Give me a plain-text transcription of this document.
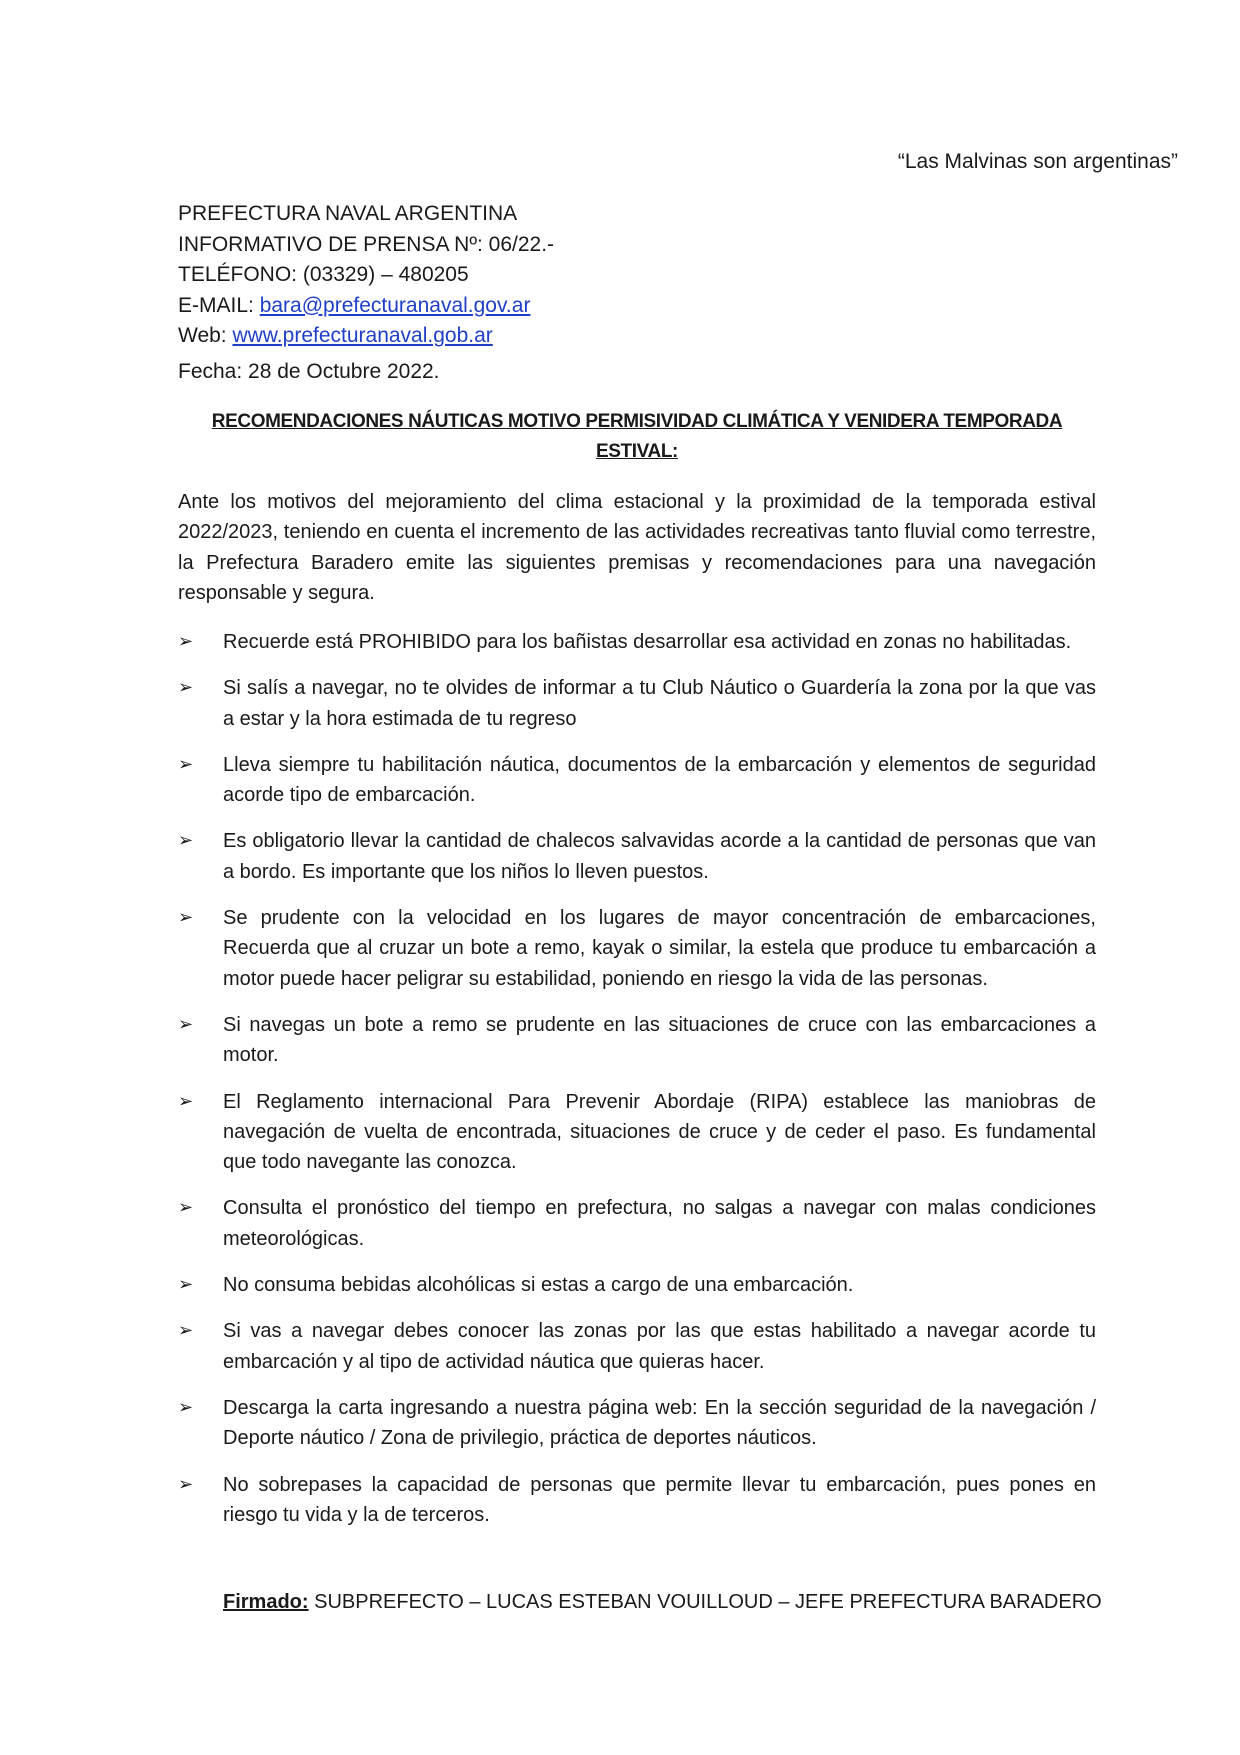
“Las Malvinas son argentinas”
PREFECTURA NAVAL ARGENTINA
INFORMATIVO DE PRENSA Nº: 06/22.-
TELÉFONO: (03329) – 480205
E-MAIL: bara@prefecturanaval.gov.ar
Web: www.prefecturanaval.gob.ar
Fecha: 28 de Octubre 2022.
RECOMENDACIONES NÁUTICAS MOTIVO PERMISIVIDAD CLIMÁTICA Y VENIDERA TEMPORADA ESTIVAL:
Ante los motivos del mejoramiento del clima estacional y la proximidad de la temporada estival 2022/2023, teniendo en cuenta el incremento de las actividades recreativas tanto fluvial como terrestre, la Prefectura Baradero emite las siguientes premisas y recomendaciones para una navegación responsable y segura.
➢ Recuerde está PROHIBIDO para los bañistas desarrollar esa actividad en zonas no habilitadas.
➢ Si salís a navegar, no te olvides de informar a tu Club Náutico o Guardería la zona por la que vas a estar y la hora estimada de tu regreso
➢ Lleva siempre tu habilitación náutica, documentos de la embarcación y elementos de seguridad acorde tipo de embarcación.
➢ Es obligatorio llevar la cantidad de chalecos salvavidas acorde a la cantidad de personas que van a bordo. Es importante que los niños lo lleven puestos.
➢ Se prudente con la velocidad en los lugares de mayor concentración de embarcaciones, Recuerda que al cruzar un bote a remo, kayak o similar, la estela que produce tu embarcación a motor puede hacer peligrar su estabilidad, poniendo en riesgo la vida de las personas.
➢ Si navegas un bote a remo se prudente en las situaciones de cruce con las embarcaciones a motor.
➢ El Reglamento internacional Para Prevenir Abordaje (RIPA) establece las maniobras de navegación de vuelta de encontrada, situaciones de cruce y de ceder el paso. Es fundamental que todo navegante las conozca.
➢ Consulta el pronóstico del tiempo en prefectura, no salgas a navegar con malas condiciones meteorológicas.
➢ No consuma bebidas alcohólicas si estas a cargo de una embarcación.
➢ Si vas a navegar debes conocer las zonas por las que estas habilitado a navegar acorde tu embarcación y al tipo de actividad náutica que quieras hacer.
➢ Descarga la carta ingresando a nuestra página web: En la sección seguridad de la navegación / Deporte náutico / Zona de privilegio, práctica de deportes náuticos.
➢ No sobrepases la capacidad de personas que permite llevar tu embarcación, pues pones en riesgo tu vida y la de terceros.
Firmado: SUBPREFECTO – LUCAS ESTEBAN VOUILLOUD – JEFE PREFECTURA BARADERO
